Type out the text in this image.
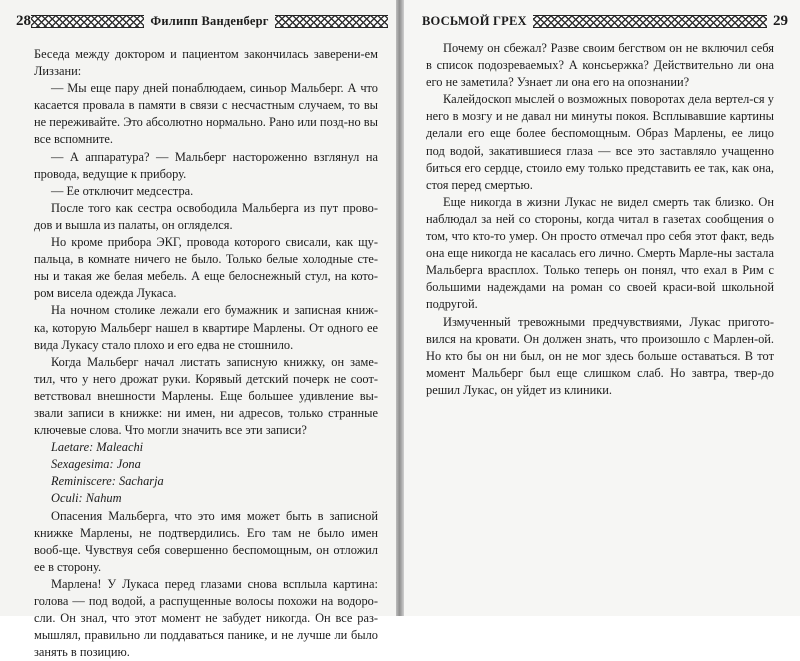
28	Филипп Ванденберг

Беседа между доктором и пациентом закончилась заверени-ем Лиззани:

— Мы еще пару дней понаблюдаем, синьор Мальберг. А что касается провала в памяти в связи с несчастным случаем, то вы не переживайте. Это абсолютно нормально. Рано или позд-но вы все вспомните.

— А аппаратура? — Мальберг настороженно взглянул на провода, ведущие к прибору.

— Ее отключит медсестра.

После того как сестра освободила Мальберга из пут прово-дов и вышла из палаты, он огляделся.

Но кроме прибора ЭКГ, провода которого свисали, как щу-пальца, в комнате ничего не было. Только белые холодные сте-ны и такая же белая мебель. А еще белоснежный стул, на кото-ром висела одежда Лукаса.

На ночном столике лежали его бумажник и записная книж-ка, которую Мальберг нашел в квартире Марлены. От одного ее вида Лукасу стало плохо и его едва не стошнило.

Когда Мальберг начал листать записную книжку, он заме-тил, что у него дрожат руки. Корявый детский почерк не соот-ветствовал внешности Марлены. Еще большее удивление вы-звали записи в книжке: ни имен, ни адресов, только странные ключевые слова. Что могли значить все эти записи?

Laetare: Maleachi

Sexagesima: Jona

Reminiscere: Sacharja

Oculi: Nahum

Опасения Мальберга, что это имя может быть в записной книжке Марлены, не подтвердились. Его там не было имен вооб-ще. Чувствуя себя совершенно беспомощным, он отложил ее в сторону.

Марлена! У Лукаса перед глазами снова всплыла картина: голова — под водой, а распущенные волосы похожи на водоро-сли. Он знал, что этот момент не забудет никогда. Он все раз-мышлял, правильно ли поддаваться панике, и не лучше ли было занять в позицию.

ВОСЬМОЙ ГРЕХ	29

Почему он сбежал? Разве своим бегством он не включил себя в список подозреваемых? А консьержка? Действительно ли она его не заметила? Узнает ли она его на опознании?

Калейдоскоп мыслей о возможных поворотах дела вертел-ся у него в мозгу и не давал ни минуты покоя. Всплывавшие картины делали его еще более беспомощным. Образ Марлены, ее лицо под водой, закатившиеся глаза — все это заставляло учащенно биться его сердце, стоило ему только представить ее так, как она, стоя перед смертью.

Еще никогда в жизни Лукас не видел смерть так близко. Он наблюдал за ней со стороны, когда читал в газетах сообщения о том, что кто-то умер. Он просто отмечал про себя этот факт, ведь она еще никогда не касалась его лично. Смерть Марле-ны застала Мальберга врасплох. Только теперь он понял, что ехал в Рим с большими надеждами на роман со своей краси-вой школьной подругой.

Измученный тревожными предчувствиями, Лукас пригото-вился на кровати. Он должен знать, что произошло с Марлен-ой. Но кто бы он ни был, он не мог здесь больше оставаться. В тот момент Мальберг был еще слишком слаб. Но завтра, твер-до решил Лукас, он уйдет из клиники.
